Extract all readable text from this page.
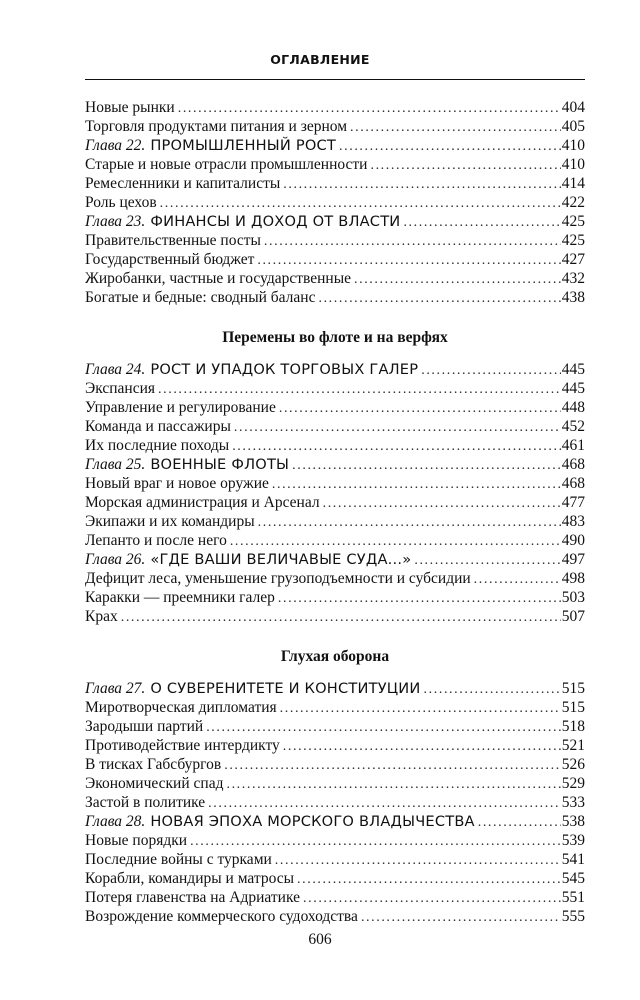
ОГЛАВЛЕНИЕ
Новые рынки .....	404
Торговля продуктами питания и зерном .....	405
Глава 22. ПРОМЫШЛЕННЫЙ РОСТ .....	410
Старые и новые отрасли промышленности .....	410
Ремесленники и капиталисты .....	414
Роль цехов .....	422
Глава 23. ФИНАНСЫ И ДОХОД ОТ ВЛАСТИ .....	425
Правительственные посты .....	425
Государственный бюджет .....	427
Жиробанки, частные и государственные .....	432
Богатые и бедные: сводный баланс .....	438
Перемены во флоте и на верфях
Глава 24. РОСТ И УПАДОК ТОРГОВЫХ ГАЛЕР .....	445
Экспансия .....	445
Управление и регулирование .....	448
Команда и пассажиры .....	452
Их последние походы .....	461
Глава 25. ВОЕННЫЕ ФЛОТЫ .....	468
Новый враг и новое оружие .....	468
Морская администрация и Арсенал .....	477
Экипажи и их командиры .....	483
Лепанто и после него .....	490
Глава 26. «ГДЕ ВАШИ ВЕЛИЧАВЫЕ СУДА...» .....	497
Дефицит леса, уменьшение грузоподъемности и субсидии .....	498
Каракки — преемники галер .....	503
Крах .....	507
Глухая оборона
Глава 27. О СУВЕРЕНИТЕТЕ И КОНСТИТУЦИИ .....	515
Миротворческая дипломатия .....	515
Зародыши партий .....	518
Противодействие интердикту .....	521
В тисках Габсбургов .....	526
Экономический спад .....	529
Застой в политике .....	533
Глава 28. НОВАЯ ЭПОХА МОРСКОГО ВЛАДЫЧЕСТВА .....	538
Новые порядки .....	539
Последние войны с турками .....	541
Корабли, командиры и матросы .....	545
Потеря главенства на Адриатике .....	551
Возрождение коммерческого судоходства .....	555
606
